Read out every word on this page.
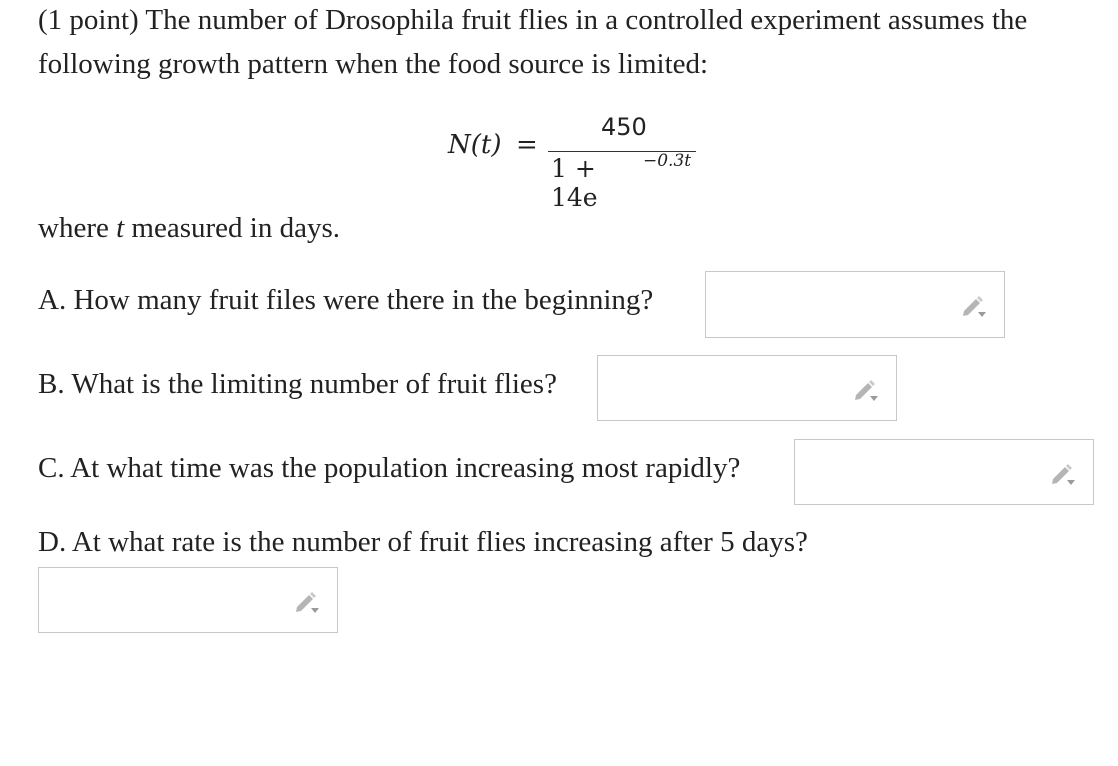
(1 point) The number of Drosophila fruit flies in a controlled experiment assumes the
following growth pattern when the food source is limited:
N(t) =
450
1 + 14e
−0.3t
where t measured in days.
A. How many fruit files were there in the beginning?
B. What is the limiting number of fruit flies?
C. At what time was the population increasing most rapidly?
D. At what rate is the number of fruit flies increasing after 5 days?
